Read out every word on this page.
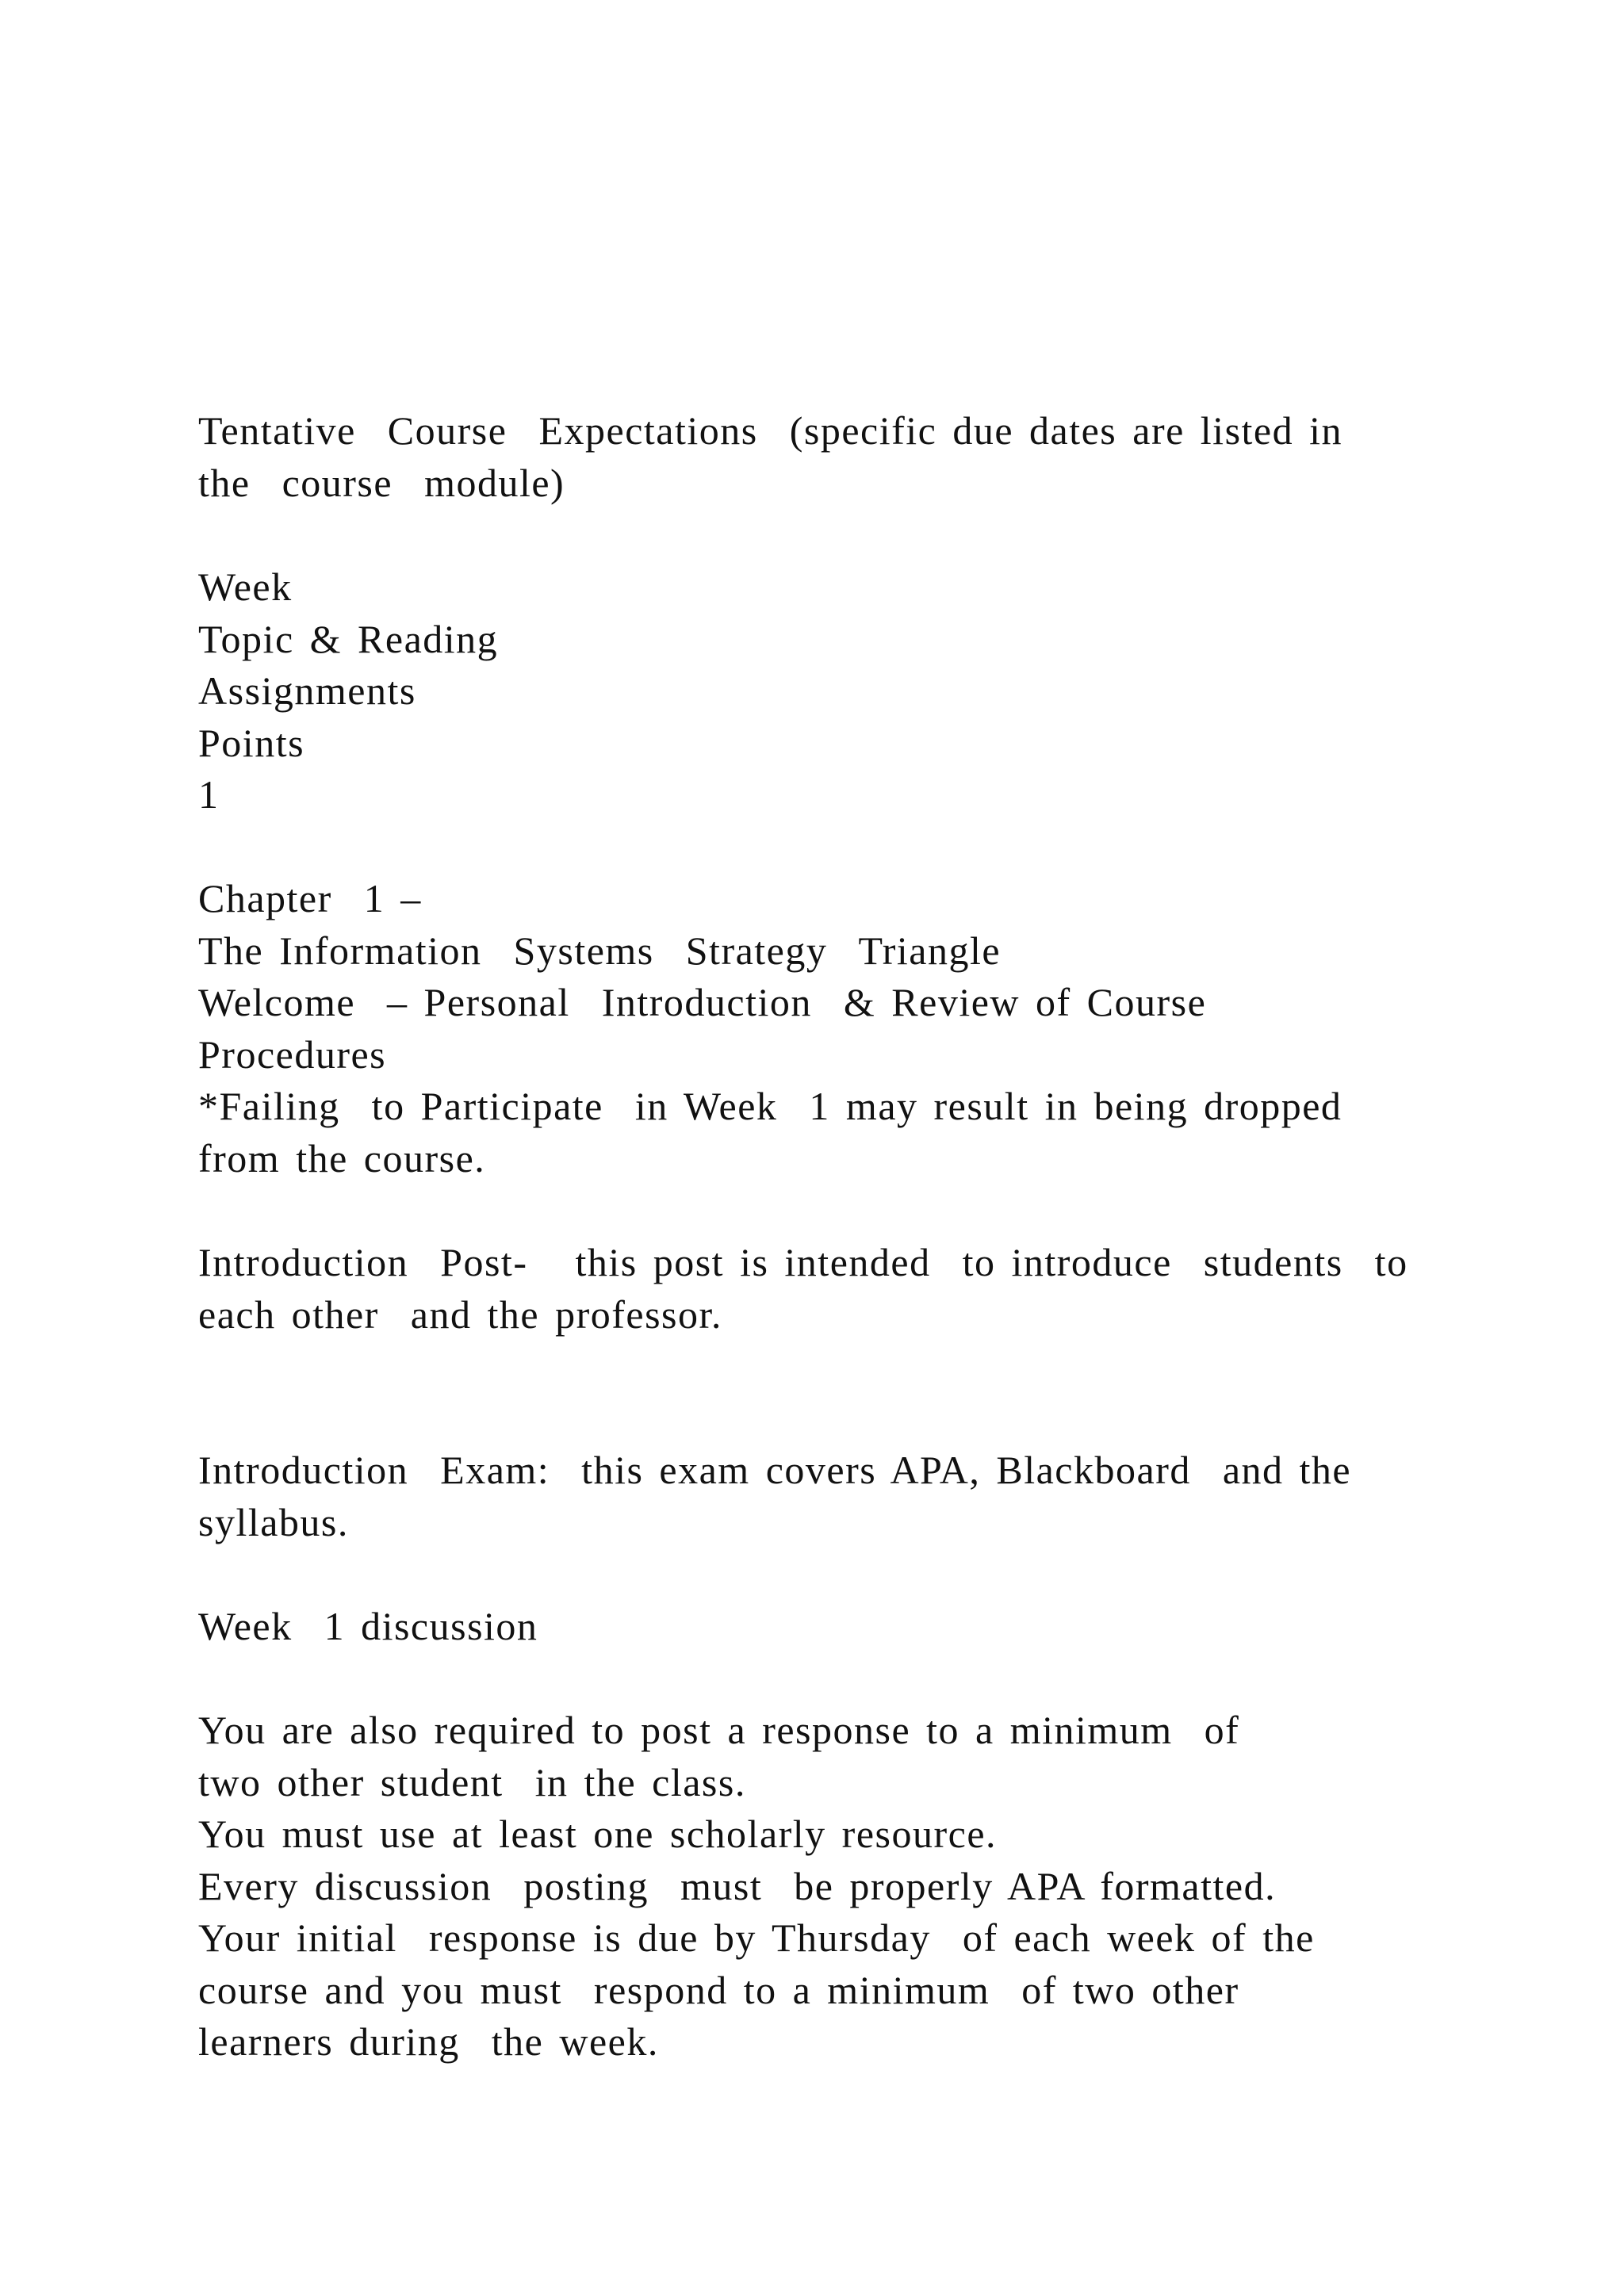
Tentative  Course  Expectations  (specific due dates are listed in
the  course  module)
Week
Topic & Reading
Assignments
Points
1
Chapter  1 –
The Information  Systems  Strategy  Triangle
Welcome  – Personal  Introduction  & Review of Course
Procedures
*Failing  to Participate  in Week  1 may result in being dropped
from the course.
Introduction  Post-   this post is intended  to introduce  students  to
each other  and the professor.
Introduction  Exam:  this exam covers APA, Blackboard  and the
syllabus.
Week  1 discussion
You are also required to post a response to a minimum  of
two other student  in the class.
You must use at least one scholarly resource.
Every discussion  posting  must  be properly APA formatted.
Your initial  response is due by Thursday  of each week of the
course and you must  respond to a minimum  of two other
learners during  the week.
